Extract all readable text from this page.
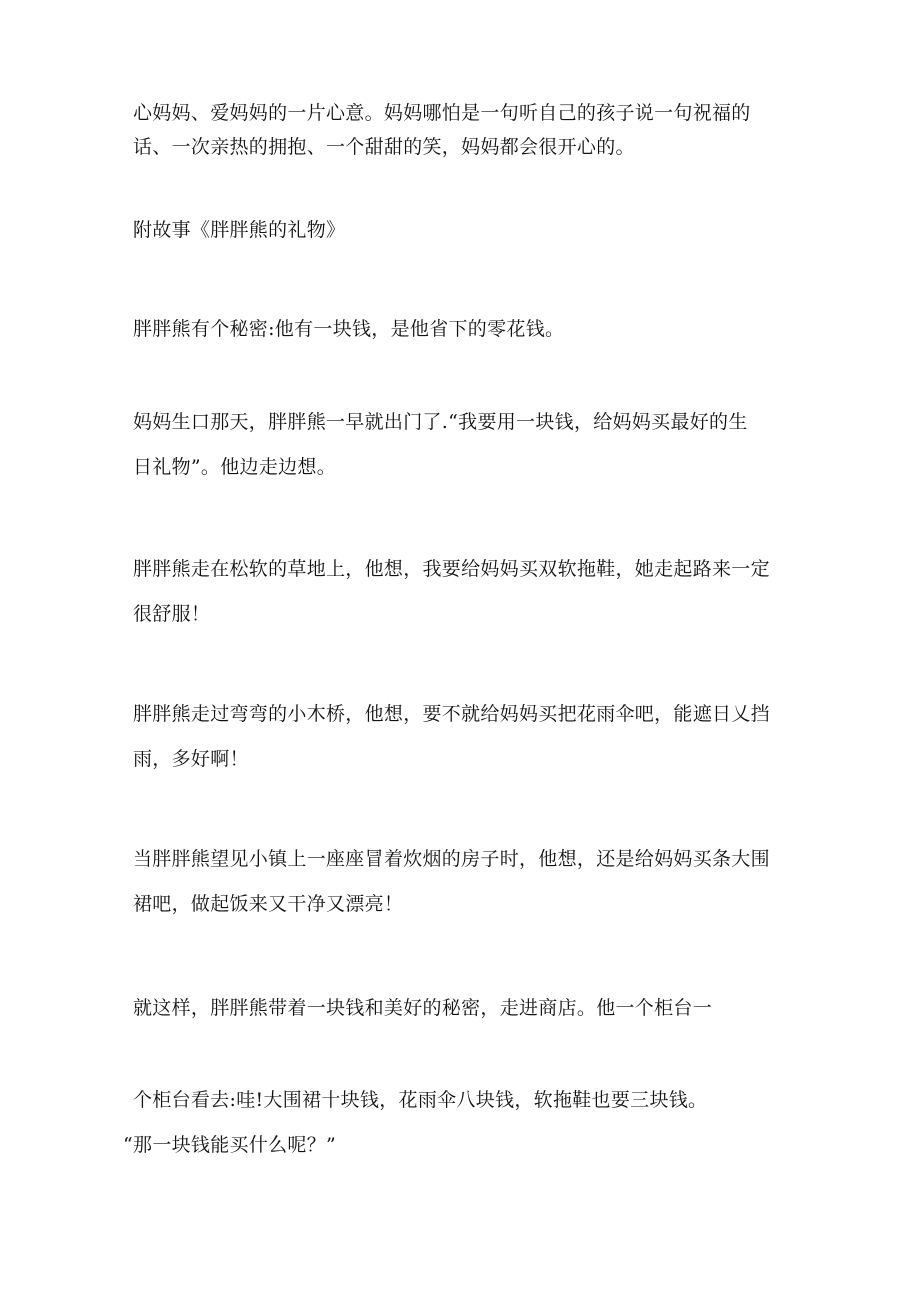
心妈妈、爱妈妈的一片心意。妈妈哪怕是一句听自己的孩子说一句祝福的
话、一次亲热的拥抱、一个甜甜的笑，妈妈都会很开心的。

附故事《胖胖熊的礼物》

胖胖熊有个秘密:他有一块钱，是他省下的零花钱。

妈妈生口那天，胖胖熊一早就出门了.“我要用一块钱，给妈妈买最好的生
日礼物”。他边走边想。

胖胖熊走在松软的草地上，他想，我要给妈妈买双软拖鞋，她走起路来一定
很舒服！

胖胖熊走过弯弯的小木桥，他想，要不就给妈妈买把花雨伞吧，能遮日乂挡
雨，多好啊！

当胖胖熊望见小镇上一座座冒着炊烟的房子时，他想，还是给妈妈买条大围
裙吧，做起饭来又干净又漂亮！

就这样，胖胖熊带着一块钱和美好的秘密，走进商店。他一个柜台一

个柜台看去:哇!大围裙十块钱，花雨伞八块钱，软拖鞋也要三块钱。
“那一块钱能买什么呢？”
